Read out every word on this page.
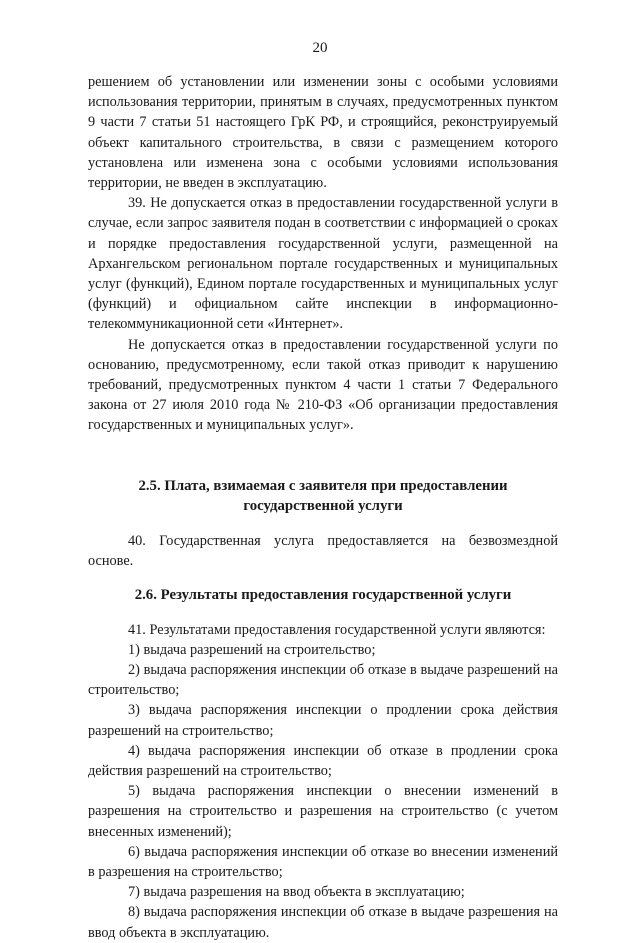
20

решением об установлении или изменении зоны с особыми условиями использования территории, принятым в случаях, предусмотренных пунктом 9 части 7 статьи 51 настоящего ГрК РФ, и строящийся, реконструируемый объект капитального строительства, в связи с размещением которого установлена или изменена зона с особыми условиями использования территории, не введен в эксплуатацию.

39. Не допускается отказ в предоставлении государственной услуги в случае, если запрос заявителя подан в соответствии с информацией о сроках и порядке предоставления государственной услуги, размещенной на Архангельском региональном портале государственных и муниципальных услуг (функций), Едином портале государственных и муниципальных услуг (функций) и официальном сайте инспекции в информационно-телекоммуникационной сети «Интернет».

Не допускается отказ в предоставлении государственной услуги по основанию, предусмотренному, если такой отказ приводит к нарушению требований, предусмотренных пунктом 4 части 1 статьи 7 Федерального закона от 27 июля 2010 года № 210-ФЗ «Об организации предоставления государственных и муниципальных услуг».

2.5. Плата, взимаемая с заявителя при предоставлении

государственной услуги

40. Государственная услуга предоставляется на безвозмездной основе.

2.6. Результаты предоставления государственной услуги

41. Результатами предоставления государственной услуги являются:

1) выдача разрешений на строительство;

2) выдача распоряжения инспекции об отказе в выдаче разрешений на строительство;

3) выдача распоряжения инспекции о продлении срока действия разрешений на строительство;

4) выдача распоряжения инспекции об отказе в продлении срока действия разрешений на строительство;

5) выдача распоряжения инспекции о внесении изменений в разрешения на строительство и разрешения на строительство (с учетом внесенных изменений);

6) выдача распоряжения инспекции об отказе во внесении изменений в разрешения на строительство;

7) выдача разрешения на ввод объекта в эксплуатацию;

8) выдача распоряжения инспекции об отказе в выдаче разрешения на ввод объекта в эксплуатацию.
